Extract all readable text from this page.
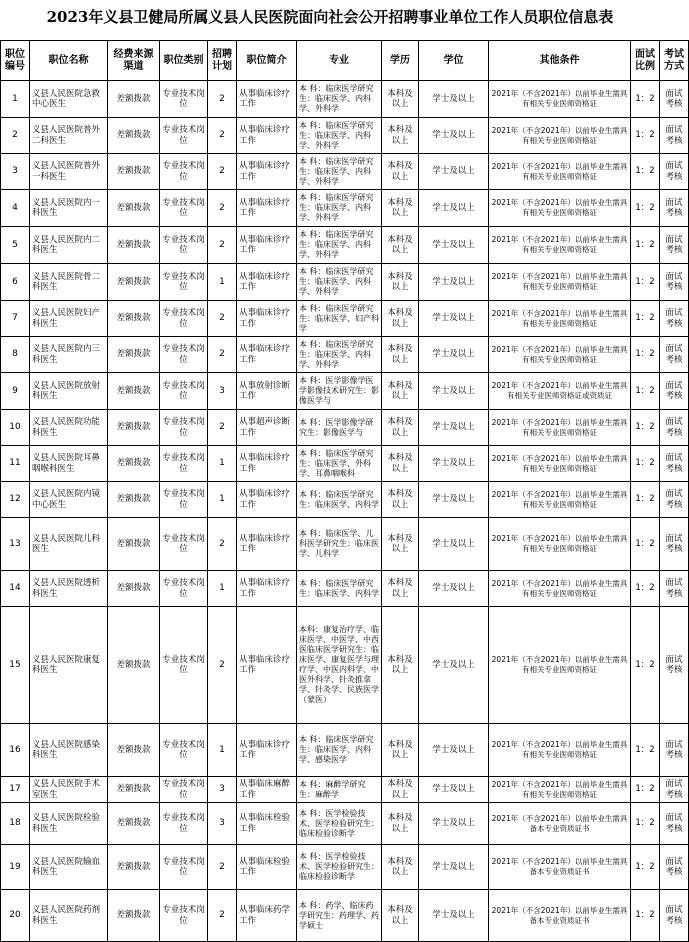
2023年义县卫健局所属义县人民医院面向社会公开招聘事业单位工作人员职位信息表
职位编号	职位名称	经费来源渠道	职位类别	招聘计划	职位简介	专业	学历	学位	其他条件	面试比例	考试方式
1	义县人民医院急救中心医生	差额拨款	专业技术岗位	2	从事临床诊疗工作	本 科：临床医学研究生：临床医学、内科学、外科学	本科及以上	学士及以上	2021年（不含2021年）以前毕业生需具有相关专业医师资格证	1：2	面试考核
2	义县人民医院普外二科医生	差额拨款	专业技术岗位	2	从事临床诊疗工作	本 科：临床医学研究生：临床医学、内科学、外科学	本科及以上	学士及以上	2021年（不含2021年）以前毕业生需具有相关专业医师资格证	1：2	面试考核
3	义县人民医院普外一科医生	差额拨款	专业技术岗位	2	从事临床诊疗工作	本 科：临床医学研究生：临床医学、内科学、外科学	本科及以上	学士及以上	2021年（不含2021年）以前毕业生需具有相关专业医师资格证	1：2	面试考核
4	义县人民医院内一科医生	差额拨款	专业技术岗位	2	从事临床诊疗工作	本 科：临床医学研究生：临床医学、内科学、外科学	本科及以上	学士及以上	2021年（不含2021年）以前毕业生需具有相关专业医师资格证	1：2	面试考核
5	义县人民医院内二科医生	差额拨款	专业技术岗位	2	从事临床诊疗工作	本 科：临床医学研究生：临床医学、内科学、外科学	本科及以上	学士及以上	2021年（不含2021年）以前毕业生需具有相关专业医师资格证	1：2	面试考核
6	义县人民医院骨二科医生	差额拨款	专业技术岗位	1	从事临床诊疗工作	本 科：临床医学研究生：临床医学、内科学、外科学	本科及以上	学士及以上	2021年（不含2021年）以前毕业生需具有相关专业医师资格证	1：2	面试考核
7	义县人民医院妇产科医生	差额拨款	专业技术岗位	2	从事临床诊疗工作	本 科：临床医学研究生：临床医学、妇产科学	本科及以上	学士及以上	2021年（不含2021年）以前毕业生需具有相关专业医师资格证	1：2	面试考核
8	义县人民医院内三科医生	差额拨款	专业技术岗位	2	从事临床诊疗工作	本 科：临床医学研究生：临床医学、内科学、外科学	本科及以上	学士及以上	2021年（不含2021年）以前毕业生需具有相关专业医师资格证	1：2	面试考核
9	义县人民医院放射科医生	差额拨款	专业技术岗位	3	从事放射诊断工作	本 科：医学影像学医学影像技术研究生：影像医学与	本科及以上	学士及以上	2021年（不含2021年）以前毕业生需具有相关专业医师资格证或资质证	1：2	面试考核
10	义县人民医院功能科医生	差额拨款	专业技术岗位	2	从事超声诊断工作	本 科：医学影像学研究生：影像医学与	本科及以上	学士及以上	2021年（不含2021年）以前毕业生需具有相关专业医师资格证	1：2	面试考核
11	义县人民医院耳鼻咽喉科医生	差额拨款	专业技术岗位	1	从事临床诊疗工作	本 科：临床医学研究生：临床医学、外科学、耳鼻咽喉科	本科及以上	学士及以上	2021年（不含2021年）以前毕业生需具有相关专业医师资格证	1：2	面试考核
12	义县人民医院内镜中心医生	差额拨款	专业技术岗位	1	从事临床诊疗工作	本 科：临床医学研究生：临床医学、内科学	本科及以上	学士及以上	2021年（不含2021年）以前毕业生需具有相关专业医师资格证	1：2	面试考核
13	义县人民医院儿科医生	差额拨款	专业技术岗位	2	从事临床诊疗工作	本 科：临床医学、儿科医学研究生：临床医学、儿科学	本科及以上	学士及以上	2021年（不含2021年）以前毕业生需具有相关专业医师资格证	1：2	面试考核
14	义县人民医院透析科医生	差额拨款	专业技术岗位	1	从事临床诊疗工作	本 科：临床医学研究生：临床医学、内科学	本科及以上	学士及以上	2021年（不含2021年）以前毕业生需具有相关专业医师资格证	1：2	面试考核
15	义县人民医院康复科医生	差额拨款	专业技术岗位	2	从事临床诊疗工作	本科：康复治疗学、临床医学、中医学、中西医临床医学研究生：临床医学、康复医学与理疗学、中医内科学、中医外科学、针灸推拿学、针灸学、民族医学（蒙医）	本科及以上	学士及以上	2021年（不含2021年）以前毕业生需具有相关专业医师资格证	1：2	面试考核
16	义县人民医院感染科医生	差额拨款	专业技术岗位	1	从事临床诊疗工作	本 科：临床医学研究生：临床医学、内科学、感染医学	本科及以上	学士及以上	2021年（不含2021年）以前毕业生需具有相关专业医师资格证	1：2	面试考核
17	义县人民医院手术室医生	差额拨款	专业技术岗位	3	从事临床麻醉工作	本 科：麻醉学研究生：麻醉学	本科及以上	学士及以上	2021年（不含2021年）以前毕业生需具有相关专业医师资格证	1：2	面试考核
18	义县人民医院检验科医生	差额拨款	专业技术岗位	3	从事临床检验工作	本 科：医学检验技术、医学检验研究生：临床检验诊断学	本科及以上	学士及以上	2021年（不含2021年）以前毕业生需具备本专业资质证书	1：2	面试考核
19	义县人民医院输血科医生	差额拨款	专业技术岗位	2	从事临床检验工作	本 科：医学检验技术、医学检验研究生：临床检验诊断学	本科及以上	学士及以上	2021年（不含2021年）以前毕业生需具备本专业资质证书	1：2	面试考核
20	义县人民医院药剂科医生	差额拨款	专业技术岗位	2	从事临床药学工作	本 科：药学、临床药学研究生：药理学、药学硕士	本科及以上	学士及以上	2021年（不含2021年）以前毕业生需具备本专业资质证书	1：2	面试考核
